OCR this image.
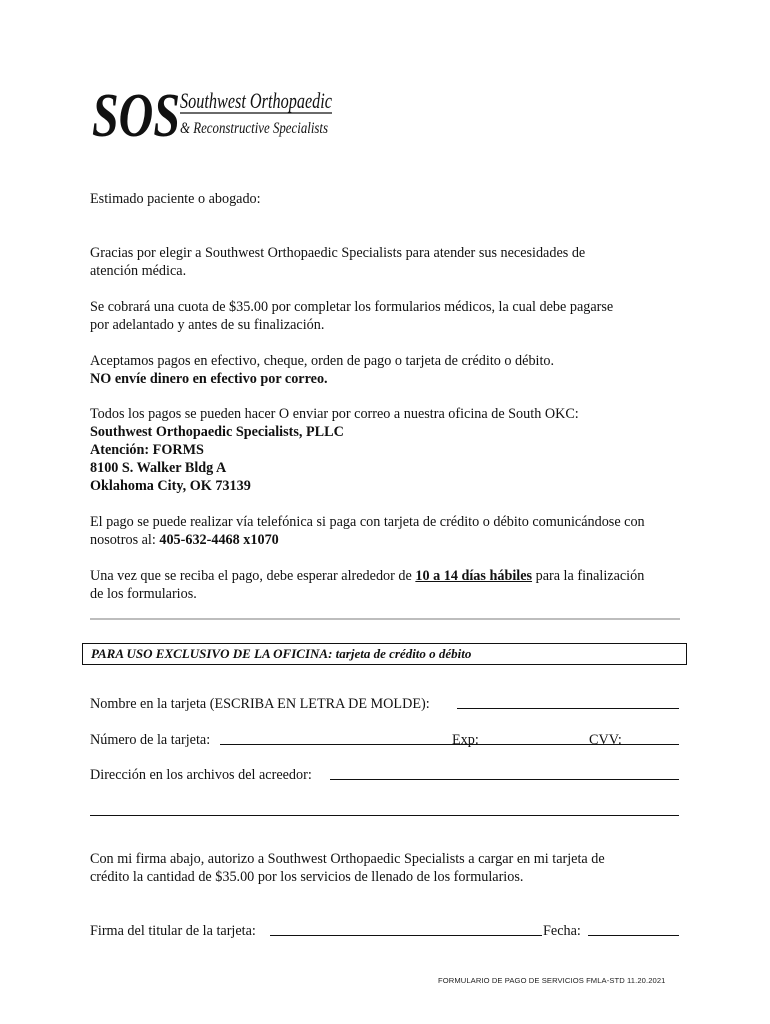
SOS Southwest Orthopaedic
& Reconstructive Specialists
Estimado paciente o abogado:
Gracias por elegir a Southwest Orthopaedic Specialists para atender sus necesidades de
atención médica.
Se cobrará una cuota de $35.00 por completar los formularios médicos, la cual debe pagarse
por adelantado y antes de su finalización.
Aceptamos pagos en efectivo, cheque, orden de pago o tarjeta de crédito o débito.
NO envíe dinero en efectivo por correo.
Todos los pagos se pueden hacer O enviar por correo a nuestra oficina de South OKC:
Southwest Orthopaedic Specialists, PLLC
Atención: FORMS
8100 S. Walker Bldg A
Oklahoma City, OK 73139
El pago se puede realizar vía telefónica si paga con tarjeta de crédito o débito comunicándose con
nosotros al: 405-632-4468 x1070
Una vez que se reciba el pago, debe esperar alrededor de 10 a 14 días hábiles para la finalización
de los formularios.
PARA USO EXCLUSIVO DE LA OFICINA: tarjeta de crédito o débito
Nombre en la tarjeta (ESCRIBA EN LETRA DE MOLDE):
Número de la tarjeta:	Exp:	CVV:
Dirección en los archivos del acreedor:
Con mi firma abajo, autorizo a Southwest Orthopaedic Specialists a cargar en mi tarjeta de
crédito la cantidad de $35.00 por los servicios de llenado de los formularios.
Firma del titular de la tarjeta:	Fecha:
FORMULARIO DE PAGO DE SERVICIOS FMLA-STD 11.20.2021
